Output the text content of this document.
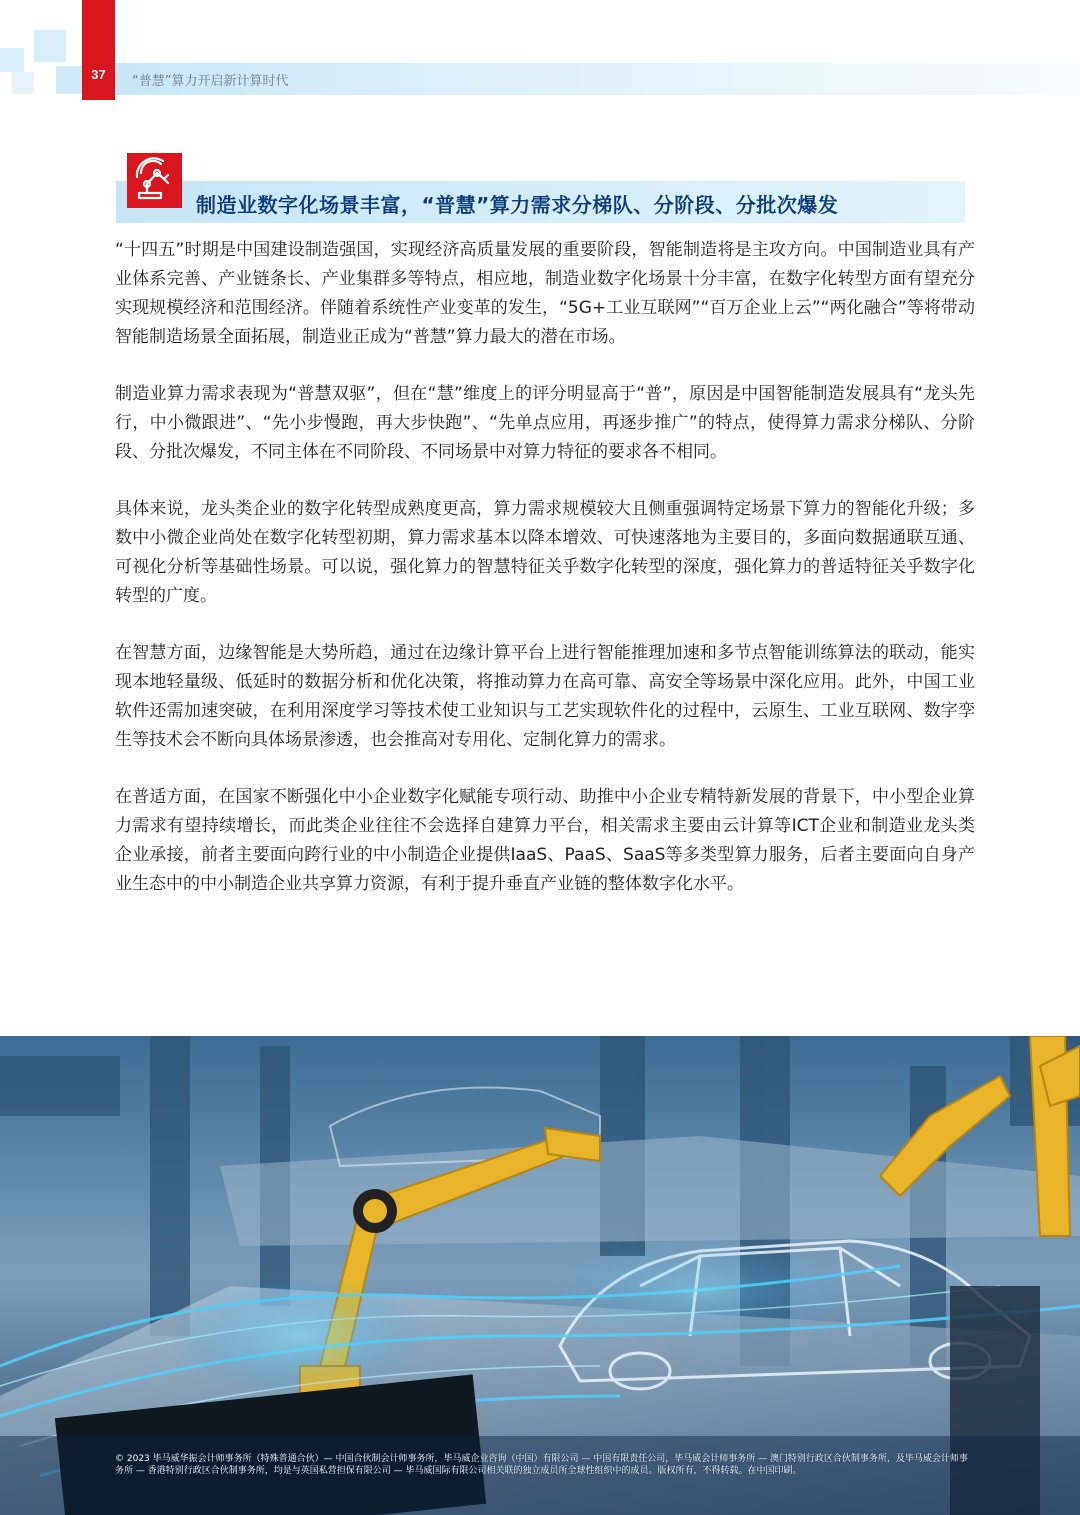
37	“普慧”算力开启新计算时代
制造业数字化场景丰富，“普慧”算力需求分梯队、分阶段、分批次爆发

“十四五”时期是中国建设制造强国，实现经济高质量发展的重要阶段，智能制造将是主攻方向。中国制造业具有产业体系完善、产业链条长、产业集群多等特点，相应地，制造业数字化场景十分丰富，在数字化转型方面有望充分实现规模经济和范围经济。伴随着系统性产业变革的发生，“5G+工业互联网”“百万企业上云”“两化融合”等将带动智能制造场景全面拓展，制造业正成为“普慧”算力最大的潜在市场。

制造业算力需求表现为“普慧双驱”，但在“慧”维度上的评分明显高于“普”，原因是中国智能制造发展具有“龙头先行，中小微跟进”、“先小步慢跑，再大步快跑”、“先单点应用，再逐步推广”的特点，使得算力需求分梯队、分阶段、分批次爆发，不同主体在不同阶段、不同场景中对算力特征的要求各不相同。

具体来说，龙头类企业的数字化转型成熟度更高，算力需求规模较大且侧重强调特定场景下算力的智能化升级；多数中小微企业尚处在数字化转型初期，算力需求基本以降本增效、可快速落地为主要目的，多面向数据通联互通、可视化分析等基础性场景。可以说，强化算力的智慧特征关乎数字化转型的深度，强化算力的普适特征关乎数字化转型的广度。

在智慧方面，边缘智能是大势所趋，通过在边缘计算平台上进行智能推理加速和多节点智能训练算法的联动，能实现本地轻量级、低延时的数据分析和优化决策，将推动算力在高可靠、高安全等场景中深化应用。此外，中国工业软件还需加速突破，在利用深度学习等技术使工业知识与工艺实现软件化的过程中，云原生、工业互联网、数字孪生等技术会不断向具体场景渗透，也会推高对专用化、定制化算力的需求。

在普适方面，在国家不断强化中小企业数字化赋能专项行动、助推中小企业专精特新发展的背景下，中小型企业算力需求有望持续增长，而此类企业往往不会选择自建算力平台，相关需求主要由云计算等ICT企业和制造业龙头类企业承接，前者主要面向跨行业的中小制造企业提供IaaS、PaaS、SaaS等多类型算力服务，后者主要面向自身产业生态中的中小制造企业共享算力资源，有利于提升垂直产业链的整体数字化水平。

© 2023 毕马威华振会计师事务所（特殊普通合伙）— 中国合伙制会计师事务所，毕马威企业咨询（中国）有限公司 — 中国有限责任公司，毕马威会计师事务所 — 澳门特别行政区合伙制事务所，及毕马威会计师事务所 — 香港特别行政区合伙制事务所，均是与英国私营担保有限公司 — 毕马威国际有限公司相关联的独立成员所全球性组织中的成员。版权所有，不得转载。在中国印刷。
